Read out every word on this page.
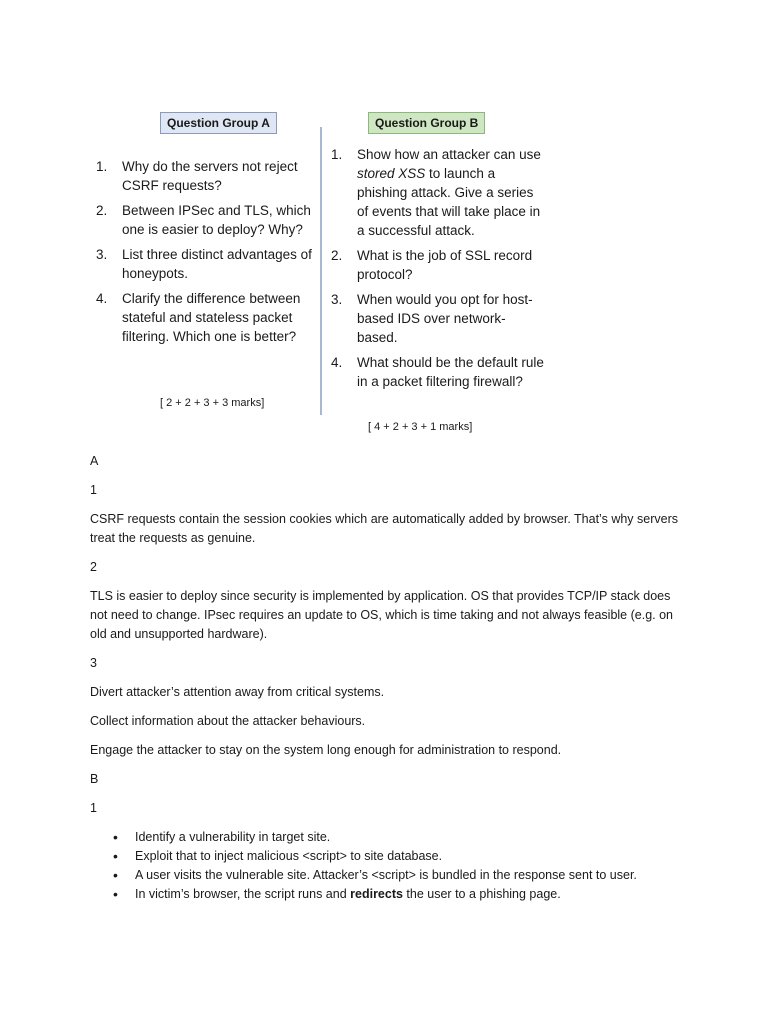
Question Group A	Question Group B
1.	Why do the servers not reject CSRF requests?
2.	Between IPSec and TLS, which one is easier to deploy? Why?
3.	List three distinct advantages of honeypots.
4.	Clarify the difference between stateful and stateless packet filtering. Which one is better?
[ 2 + 2 + 3 + 3 marks]
1.	Show how an attacker can use stored XSS to launch a phishing attack. Give a series of events that will take place in a successful attack.
2.	What is the job of SSL record protocol?
3.	When would you opt for host-based IDS over network-based.
4.	What should be the default rule in a packet filtering firewall?
[ 4 + 2 + 3 + 1 marks]

A

1

CSRF requests contain the session cookies which are automatically added by browser. That’s why servers treat the requests as genuine.

2

TLS is easier to deploy since security is implemented by application. OS that provides TCP/IP stack does not need to change. IPsec requires an update to OS, which is time taking and not always feasible (e.g. on old and unsupported hardware).

3

Divert attacker’s attention away from critical systems.

Collect information about the attacker behaviours.

Engage the attacker to stay on the system long enough for administration to respond.

B

1

• Identify a vulnerability in target site.
• Exploit that to inject malicious <script> to site database.
• A user visits the vulnerable site. Attacker’s <script> is bundled in the response sent to user.
• In victim’s browser, the script runs and redirects the user to a phishing page.
